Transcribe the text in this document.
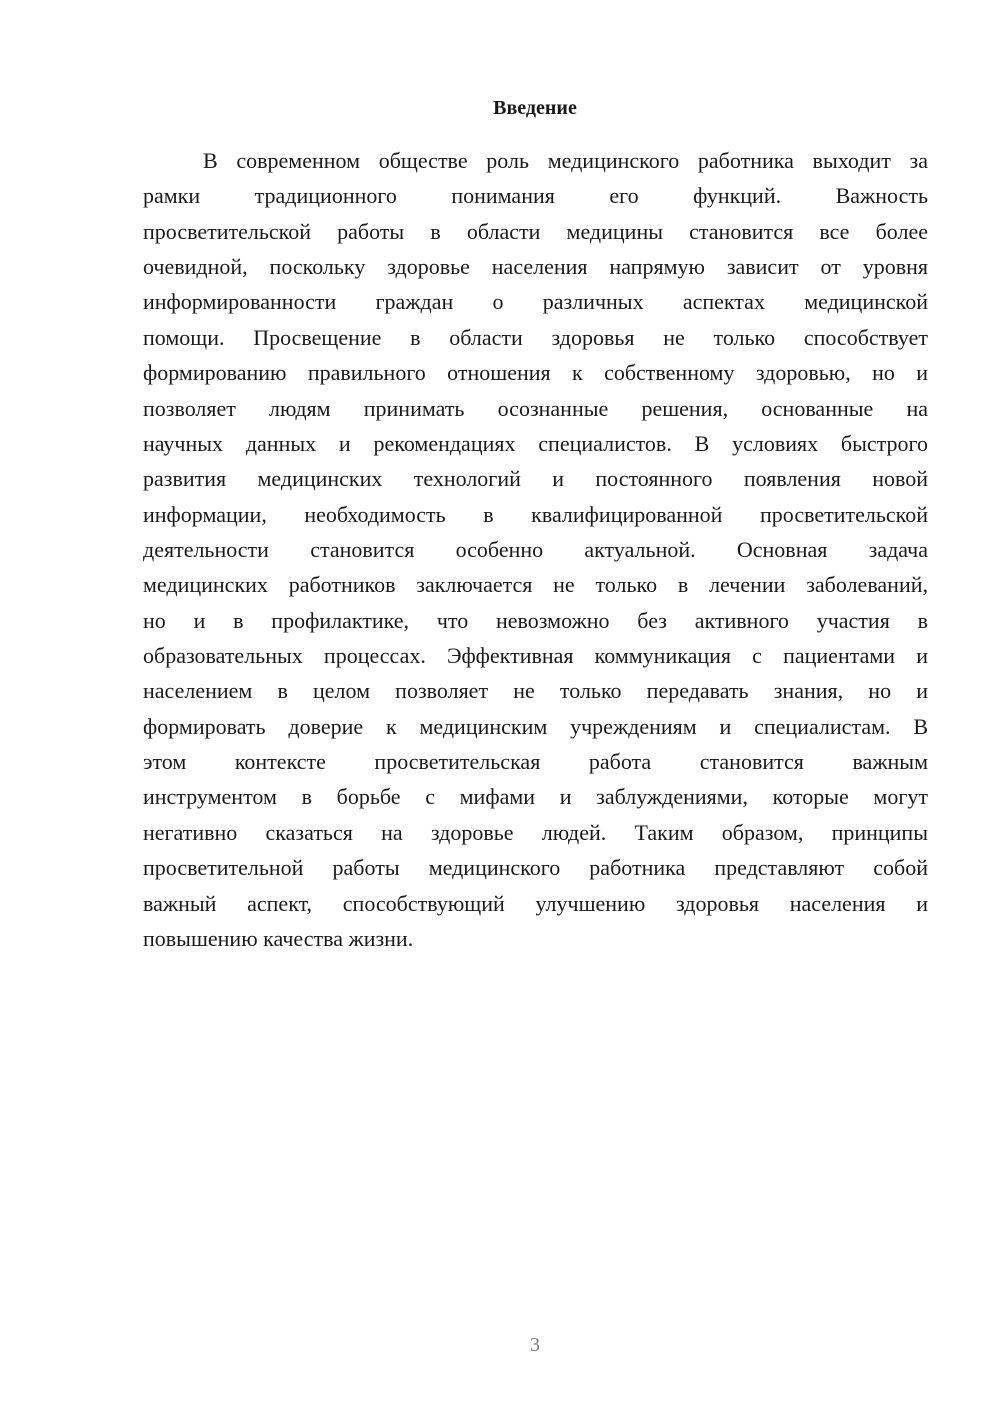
Введение
В современном обществе роль медицинского работника выходит за
рамки традиционного понимания его функций. Важность
просветительской работы в области медицины становится все более
очевидной, поскольку здоровье населения напрямую зависит от уровня
информированности граждан о различных аспектах медицинской
помощи. Просвещение в области здоровья не только способствует
формированию правильного отношения к собственному здоровью, но и
позволяет людям принимать осознанные решения, основанные на
научных данных и рекомендациях специалистов. В условиях быстрого
развития медицинских технологий и постоянного появления новой
информации, необходимость в квалифицированной просветительской
деятельности становится особенно актуальной. Основная задача
медицинских работников заключается не только в лечении заболеваний,
но и в профилактике, что невозможно без активного участия в
образовательных процессах. Эффективная коммуникация с пациентами и
населением в целом позволяет не только передавать знания, но и
формировать доверие к медицинским учреждениям и специалистам. В
этом контексте просветительская работа становится важным
инструментом в борьбе с мифами и заблуждениями, которые могут
негативно сказаться на здоровье людей. Таким образом, принципы
просветительной работы медицинского работника представляют собой
важный аспект, способствующий улучшению здоровья населения и
повышению качества жизни.
3
